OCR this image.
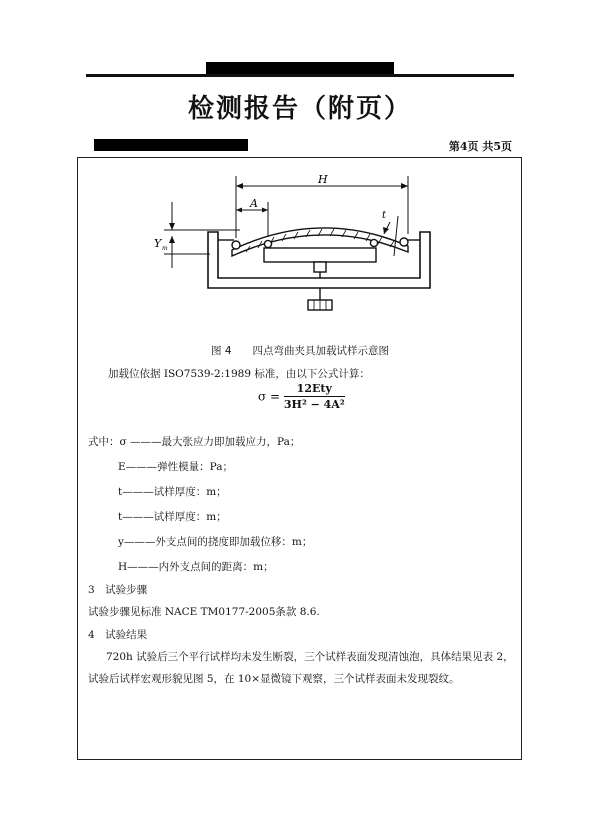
检测报告（附页）
第4页 共5页
H
A
t
Y m
图 4　　四点弯曲夹具加载试样示意图
加载位依据 ISO7539-2:1989 标准，由以下公式计算：
$\sigma = \frac{\text{12Ety}}{\text{3H² − 4A²}}$
式中：σ ———最大张应力即加载应力，Pa；
E———弹性模量：Pa；
t———试样厚度：m；
t———试样厚度：m；
y———外支点间的挠度即加载位移：m；
H———内外支点间的距离：m；
3　试验步骤
试验步骤见标准 NACE TM0177-2005条款 8.6.
4　试验结果
720h 试验后三个平行试样均未发生断裂，三个试样表面发现清蚀泡，具体结果见表 2，试验后试样宏观形貌见图 5，在 10×显微镜下观察，三个试样表面未发现裂纹。
